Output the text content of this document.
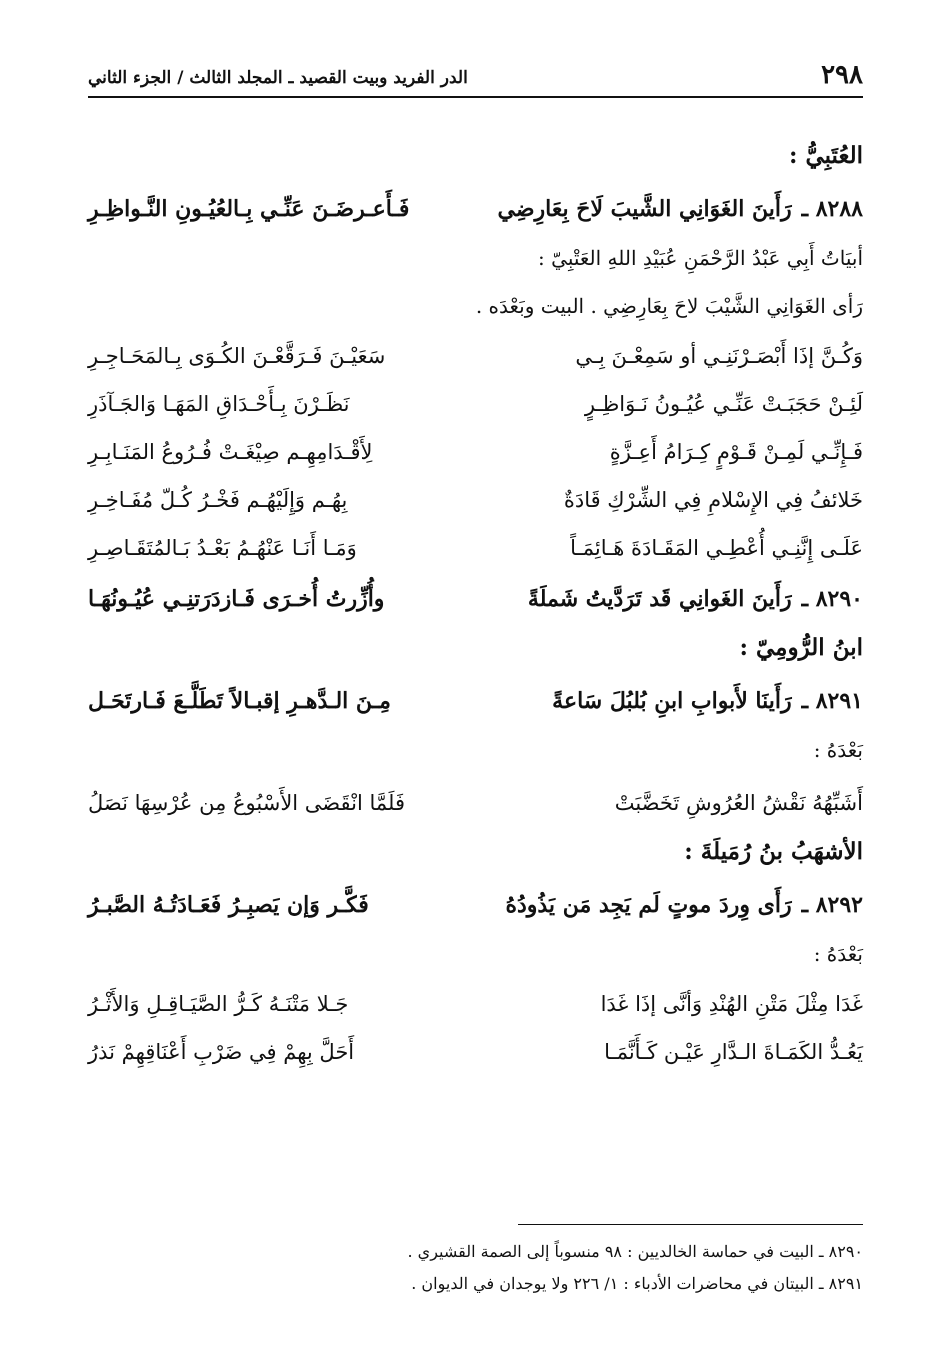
٢٩٨
الدر الفريد وبيت القصيد ـ المجلد الثالث / الجزء الثاني
العُتَبِيُّ :
٨٢٨٨ ـ
رَأَينَ الغَوَانِي الشَّيبَ لَاحَ بِعَارِضِي
فَـأَعـرضَـنَ عَنِّـي بِـالعُيُـونِ النَّـواظِـرِ
أبيَاتُ أَبِي عَبْدُ الرَّحْمَنِ عُبَيْدِ اللهِ العَتْبِيّ :
رَأى الغَوَانِي الشَّيْبَ لاحَ بِعَارِضِي . البيت وبَعْدَه .
وَكُـنَّ إذَا أَبْصَـرْنَنِـي أو سَمِعْـنَ بِـي
سَعَيْـنَ فَـرَقَّعْـنَ الكُـوَى بِـالمَحَـاجِـرِ
لَئِـنْ حَجَبَـتْ عَنِّـي عُيُـونُ نَـوَاظِـرٍ
نَظَـرْنَ بِـأَحْـدَاقِ المَهَـا وَالجَـآذَرِ
فَـإِنِّـي لَمِـنْ قَـوْمٍ كِـرَامُ أَعِـزَّةٍ
لِأَقْـدَامِهِـم صِيْغَـتْ فُـرُوعُ المَنَـابِـرِ
خَلائفُ فِي الإِسْلامِ فِي الشِّرْكِ قَادَةٌ
بِهُـم وَإِلَيْهُـم فَخْـرُ كُـلّ مُفَـاخِـرِ
عَلَـى إِنَّنِـي أُعْطِـي المَقَـادَةَ هَـائِمَـاً
وَمَـا أَنَـا عَنْهُـمُ بَعْـدُ بَـالمُتَقَـاصِـرِ
٨٢٩٠ ـ
رَأَينَ الغَوانِي قَد تَرَدَّيتُ شَملَةً
وأُزِّرتُ أُخـرَى فَـازدَرَتنِـي عُيُـونُهَـا
ابنُ الرُّومِيّ :
٨٢٩١ ـ
رَأَينَا لأَبوابِ ابنِ بُلبُلَ سَاعةً
مِـنَ الـدَّهـرِ إقبـالاً تَطَلَّـعَ فَـارتَحَـل
بَعْدَهُ :
أَشَبِّهُهُ نَقْشُ العُرُوشِ تَخَضَّبَتْ
فَلَمَّا انْقَضَى الأَسْبُوعُ مِن عُرْسِهَا نَصَلُ
الأشهَبُ بنُ رُمَيلَةَ :
٨٢٩٢ ـ
رَأَى وِردَ موتٍ لَم يَجِد مَن يَذُودُهُ
فَكَّـر وَإن يَصبِـرُ فَعَـادَتُـهُ الصَّبـرُ
بَعْدَهُ :
غَدَا مِثْلَ مَتْنِ الهُنْدِ وَأنَّى إذَا غَدَا
جَـلا مَتْنَـهُ كَـرُّ الصَّيَـاقِـلِ وَالأَثْـرُ
يَعُـدُّ الكَمَـاةَ الـدَّارِ عَيْـن كَـأَنَّمَـا
أَحَلَّ بِهِمْ فِي ضَرْبِ أَعْنَاقِهِمْ نَذرُ
٨٢٩٠ ـ البيت في حماسة الخالديين : ٩٨ منسوباً إلى الصمة القشيري .
٨٢٩١ ـ البيتان في محاضرات الأدباء : ١/ ٢٢٦ ولا يوجدان في الديوان .
